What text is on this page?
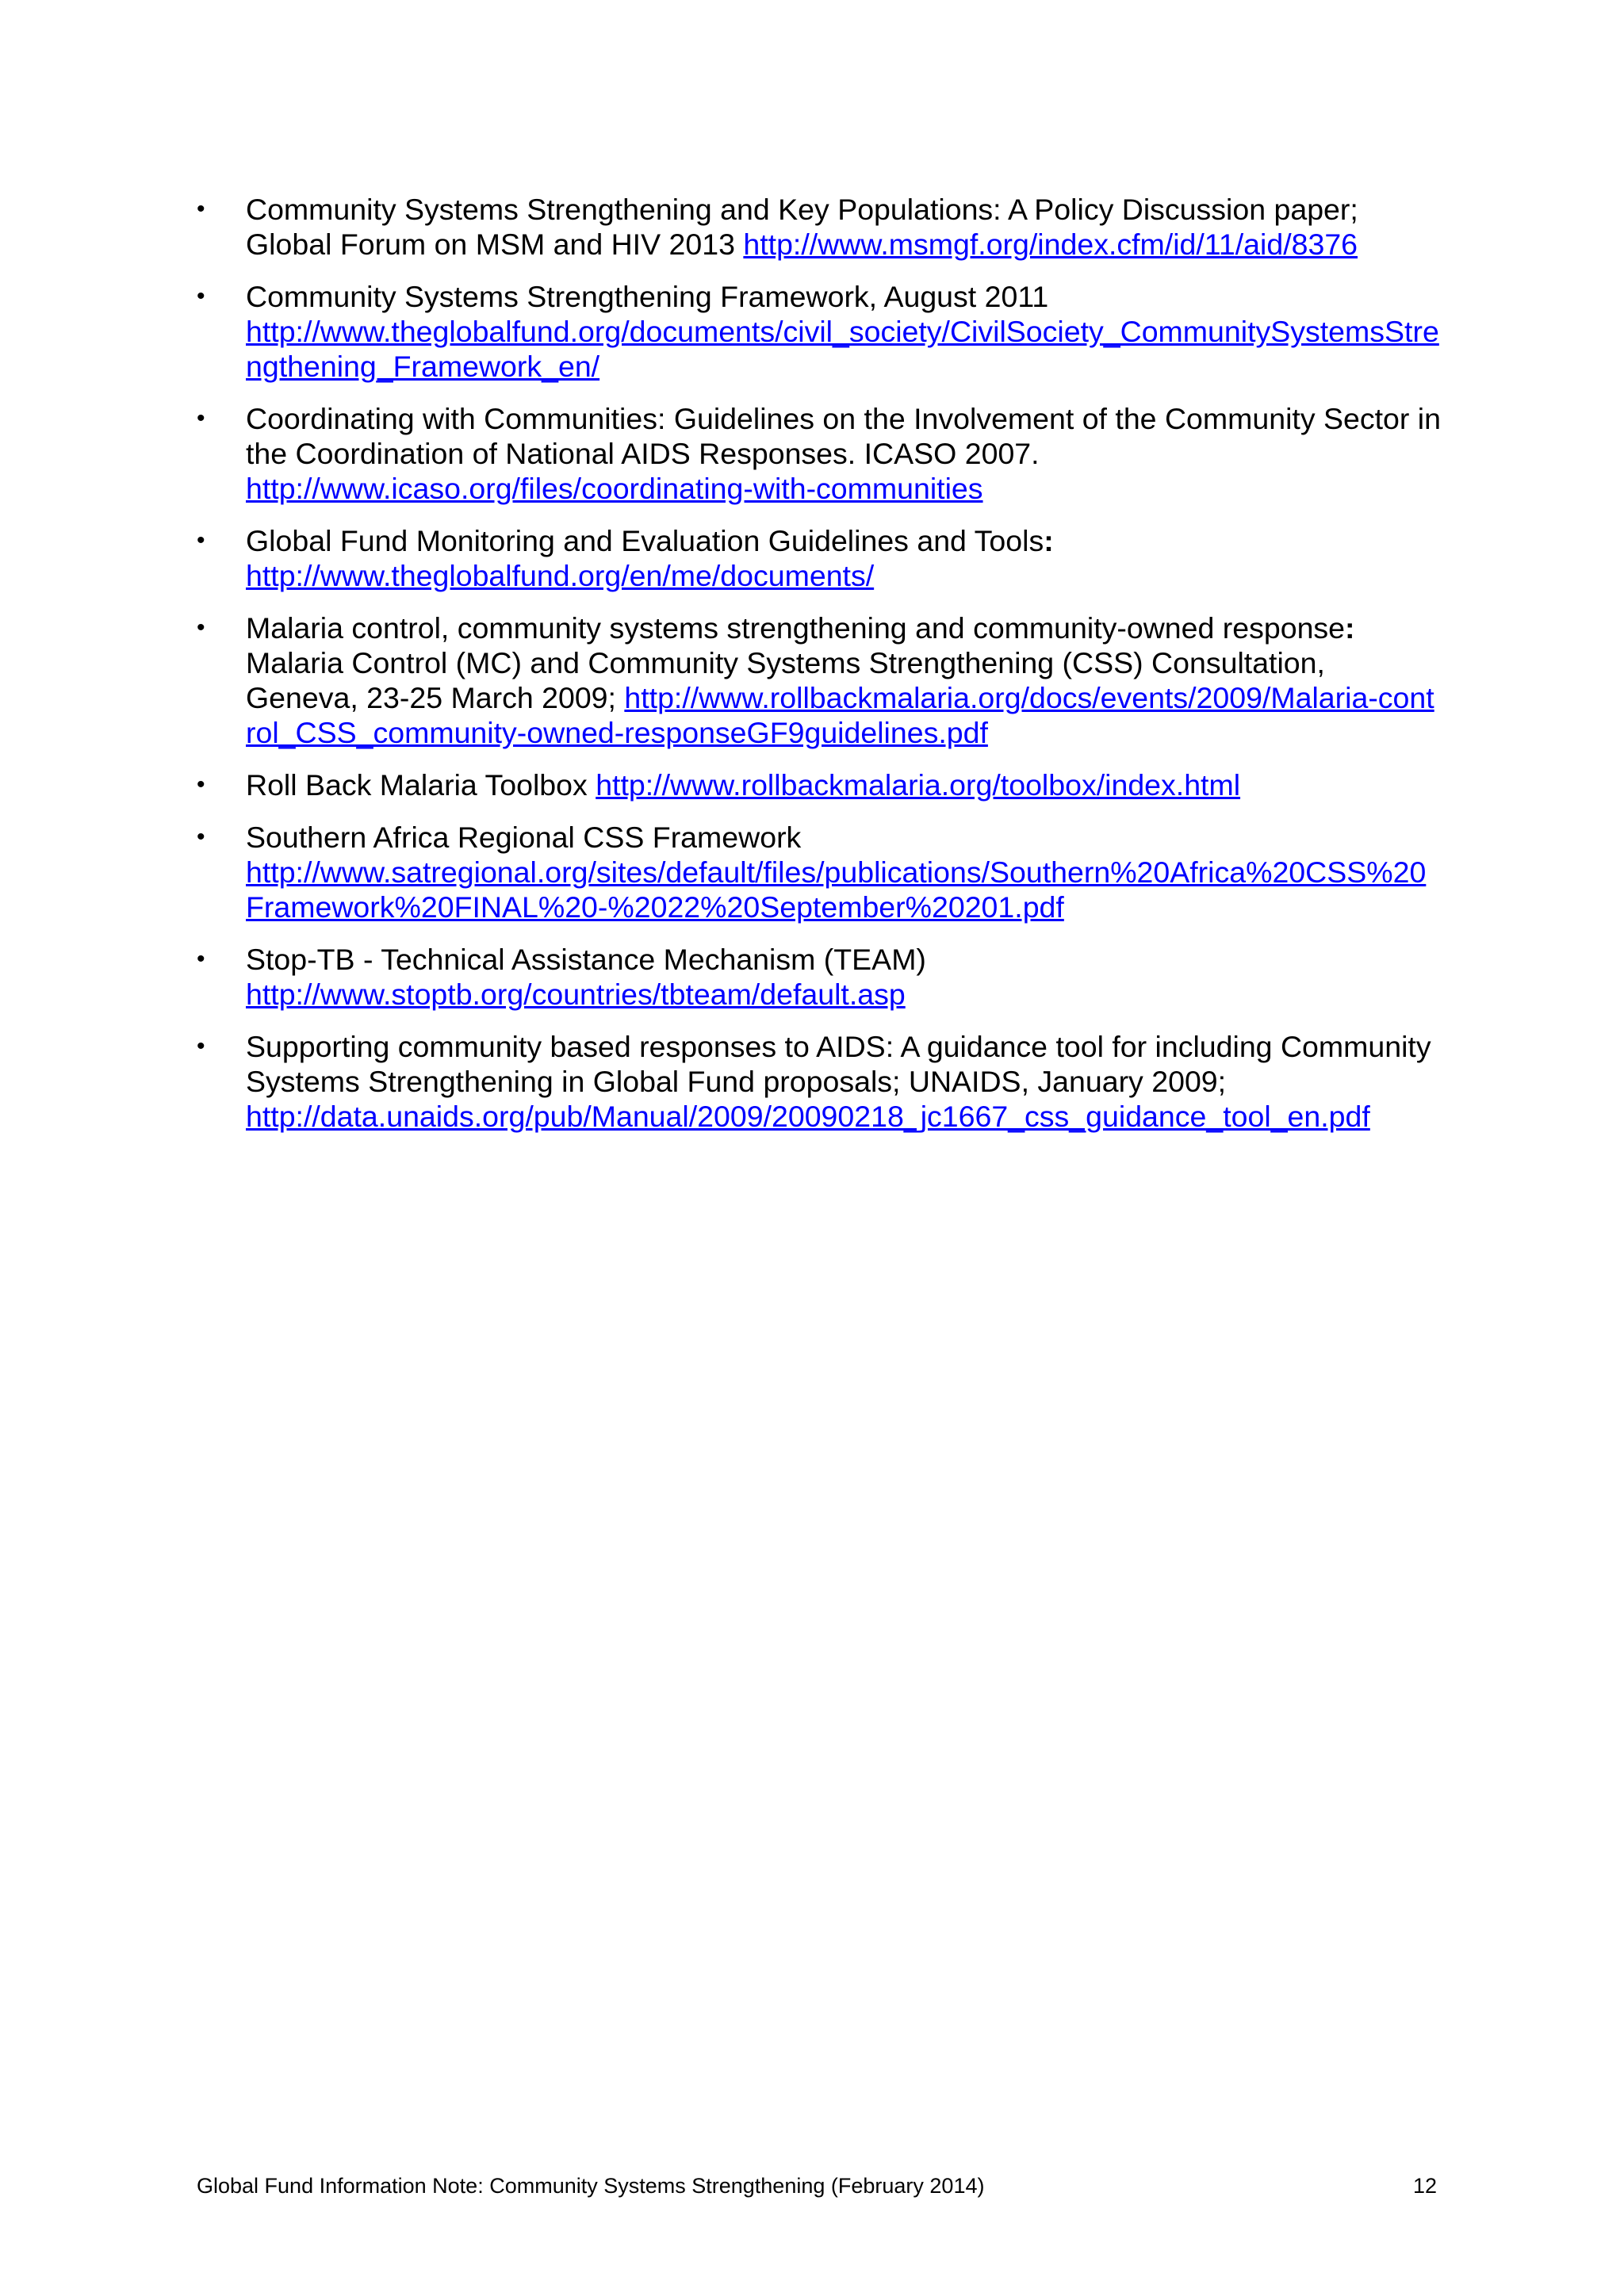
•	Community Systems Strengthening and Key Populations: A Policy Discussion paper; Global Forum on MSM and HIV 2013 http://www.msmgf.org/index.cfm/id/11/aid/8376
•	Community Systems Strengthening Framework, August 2011
http://www.theglobalfund.org/documents/civil_society/CivilSociety_CommunitySystemsStrengthening_Framework_en/
•	Coordinating with Communities: Guidelines on the Involvement of the Community Sector in the Coordination of National AIDS Responses. ICASO 2007.
http://www.icaso.org/files/coordinating-with-communities
•	Global Fund Monitoring and Evaluation Guidelines and Tools:
http://www.theglobalfund.org/en/me/documents/
•	Malaria control, community systems strengthening and community-owned response:
Malaria Control (MC) and Community Systems Strengthening (CSS) Consultation, Geneva, 23-25 March 2009; http://www.rollbackmalaria.org/docs/events/2009/Malaria-control_CSS_community-owned-responseGF9guidelines.pdf
•	Roll Back Malaria Toolbox http://www.rollbackmalaria.org/toolbox/index.html
•	Southern Africa Regional CSS Framework
http://www.satregional.org/sites/default/files/publications/Southern%20Africa%20CSS%20Framework%20FINAL%20-%2022%20September%20201.pdf
•	Stop-TB - Technical Assistance Mechanism (TEAM)
http://www.stoptb.org/countries/tbteam/default.asp
•	Supporting community based responses to AIDS: A guidance tool for including Community Systems Strengthening in Global Fund proposals; UNAIDS, January 2009;
http://data.unaids.org/pub/Manual/2009/20090218_jc1667_css_guidance_tool_en.pdf
Global Fund Information Note: Community Systems Strengthening (February 2014)	12
